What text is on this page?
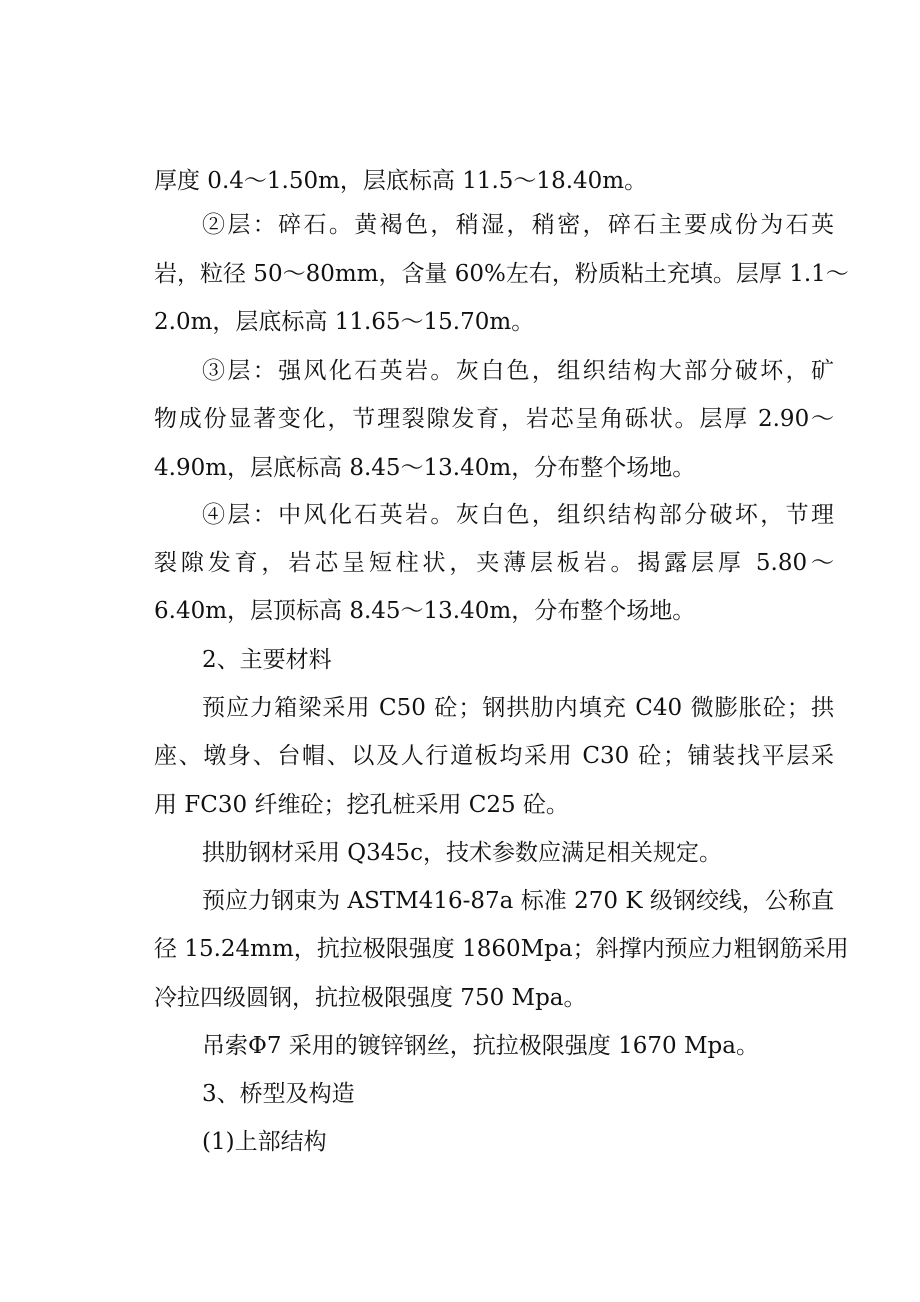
厚度 0.4～1.50m，层底标高 11.5～18.40m。
②层：碎石。黄褐色，稍湿，稍密，碎石主要成份为石英
岩，粒径 50～80mm，含量 60%左右，粉质粘土充填。层厚 1.1～
2.0m，层底标高 11.65～15.70m。
③层：强风化石英岩。灰白色，组织结构大部分破坏，矿
物成份显著变化，节理裂隙发育，岩芯呈角砾状。层厚 2.90～
4.90m，层底标高 8.45～13.40m，分布整个场地。
④层：中风化石英岩。灰白色，组织结构部分破坏，节理
裂隙发育，岩芯呈短柱状，夹薄层板岩。揭露层厚 5.80～
6.40m，层顶标高 8.45～13.40m，分布整个场地。
2、主要材料
预应力箱梁采用 C50 砼；钢拱肋内填充 C40 微膨胀砼；拱
座、墩身、台帽、以及人行道板均采用 C30 砼；铺装找平层采
用 FC30 纤维砼；挖孔桩采用 C25 砼。
拱肋钢材采用 Q345c，技术参数应满足相关规定。
预应力钢束为 ASTM416-87a 标准 270 K 级钢绞线，公称直
径 15.24mm，抗拉极限强度 1860Mpa；斜撑内预应力粗钢筋采用
冷拉四级圆钢，抗拉极限强度 750 Mpa。
吊索Φ7 采用的镀锌钢丝，抗拉极限强度 1670 Mpa。
3、桥型及构造
(1)上部结构
